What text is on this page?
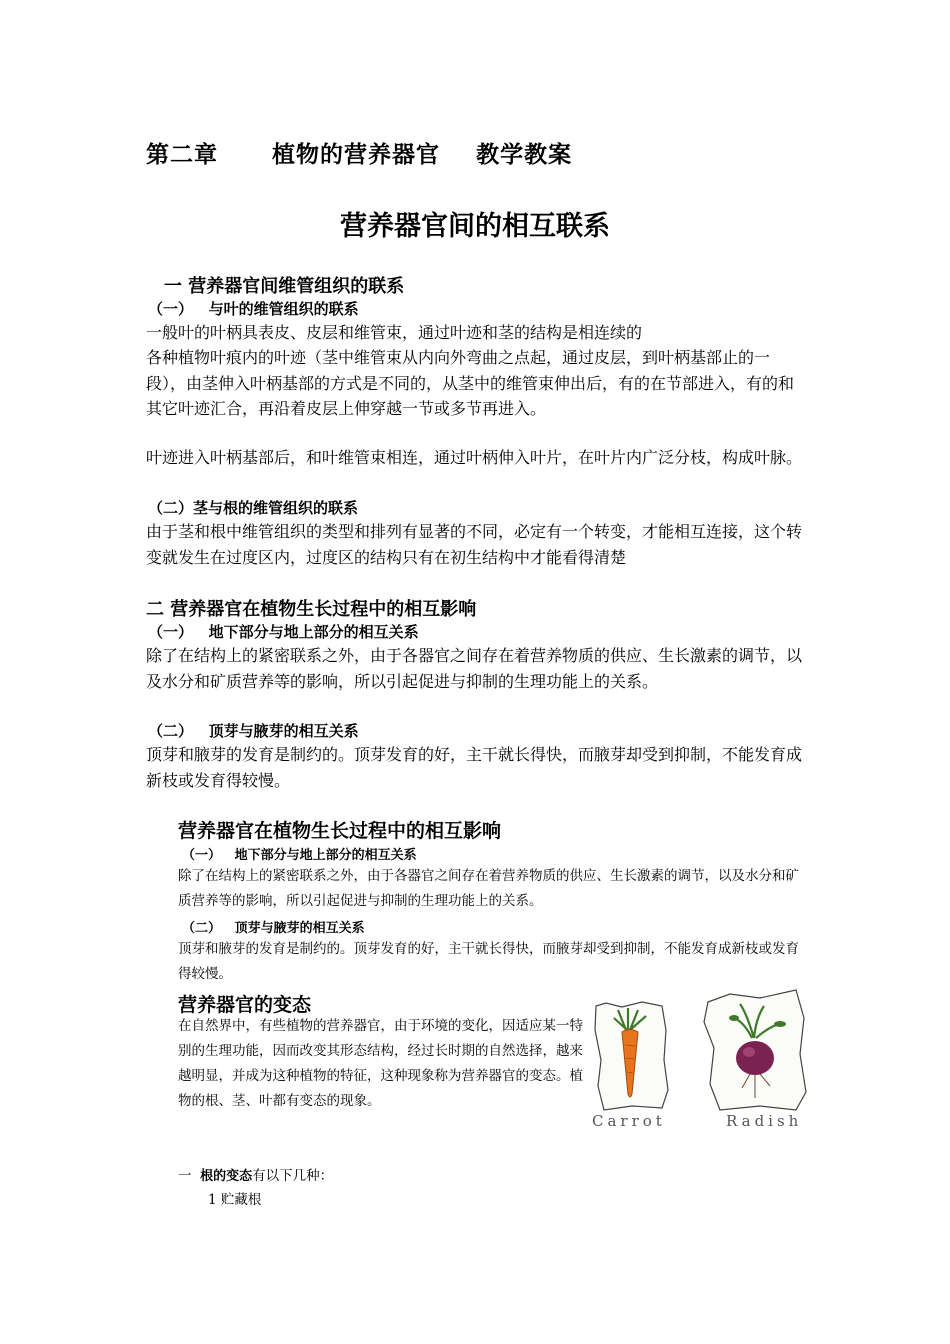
第二章      植物的营养器官    教学教案
营养器官间的相互联系
一 营养器官间维管组织的联系
（一）   与叶的维管组织的联系
一般叶的叶柄具表皮、皮层和维管束，通过叶迹和茎的结构是相连续的
各种植物叶痕内的叶迹（茎中维管束从内向外弯曲之点起，通过皮层，到叶柄基部止的一段），由茎伸入叶柄基部的方式是不同的，从茎中的维管束伸出后，有的在节部进入，有的和其它叶迹汇合，再沿着皮层上伸穿越一节或多节再进入。
叶迹进入叶柄基部后，和叶维管束相连，通过叶柄伸入叶片，在叶片内广泛分枝，构成叶脉。
（二）茎与根的维管组织的联系
由于茎和根中维管组织的类型和排列有显著的不同，必定有一个转变，才能相互连接，这个转变就发生在过度区内，过度区的结构只有在初生结构中才能看得清楚
二 营养器官在植物生长过程中的相互影响
（一）   地下部分与地上部分的相互关系
除了在结构上的紧密联系之外，由于各器官之间存在着营养物质的供应、生长激素的调节，以及水分和矿质营养等的影响，所以引起促进与抑制的生理功能上的关系。
（二）   顶芽与腋芽的相互关系
顶芽和腋芽的发育是制约的。顶芽发育的好，主干就长得快，而腋芽却受到抑制，不能发育成新枝或发育得较慢。
营养器官在植物生长过程中的相互影响
（一）   地下部分与地上部分的相互关系
除了在结构上的紧密联系之外，由于各器官之间存在着营养物质的供应、生长激素的调节，以及水分和矿质营养等的影响，所以引起促进与抑制的生理功能上的关系。
（二）   顶芽与腋芽的相互关系
顶芽和腋芽的发育是制约的。顶芽发育的好，主干就长得快，而腋芽却受到抑制，不能发育成新枝或发育得较慢。
营养器官的变态
在自然界中，有些植物的营养器官，由于环境的变化，因适应某一特别的生理功能，因而改变其形态结构，经过长时期的自然选择，越来越明显，并成为这种植物的特征，这种现象称为营养器官的变态。植物的根、茎、叶都有变态的现象。
Carrot	Radish
一  根的变态有以下几种：
1 贮藏根
